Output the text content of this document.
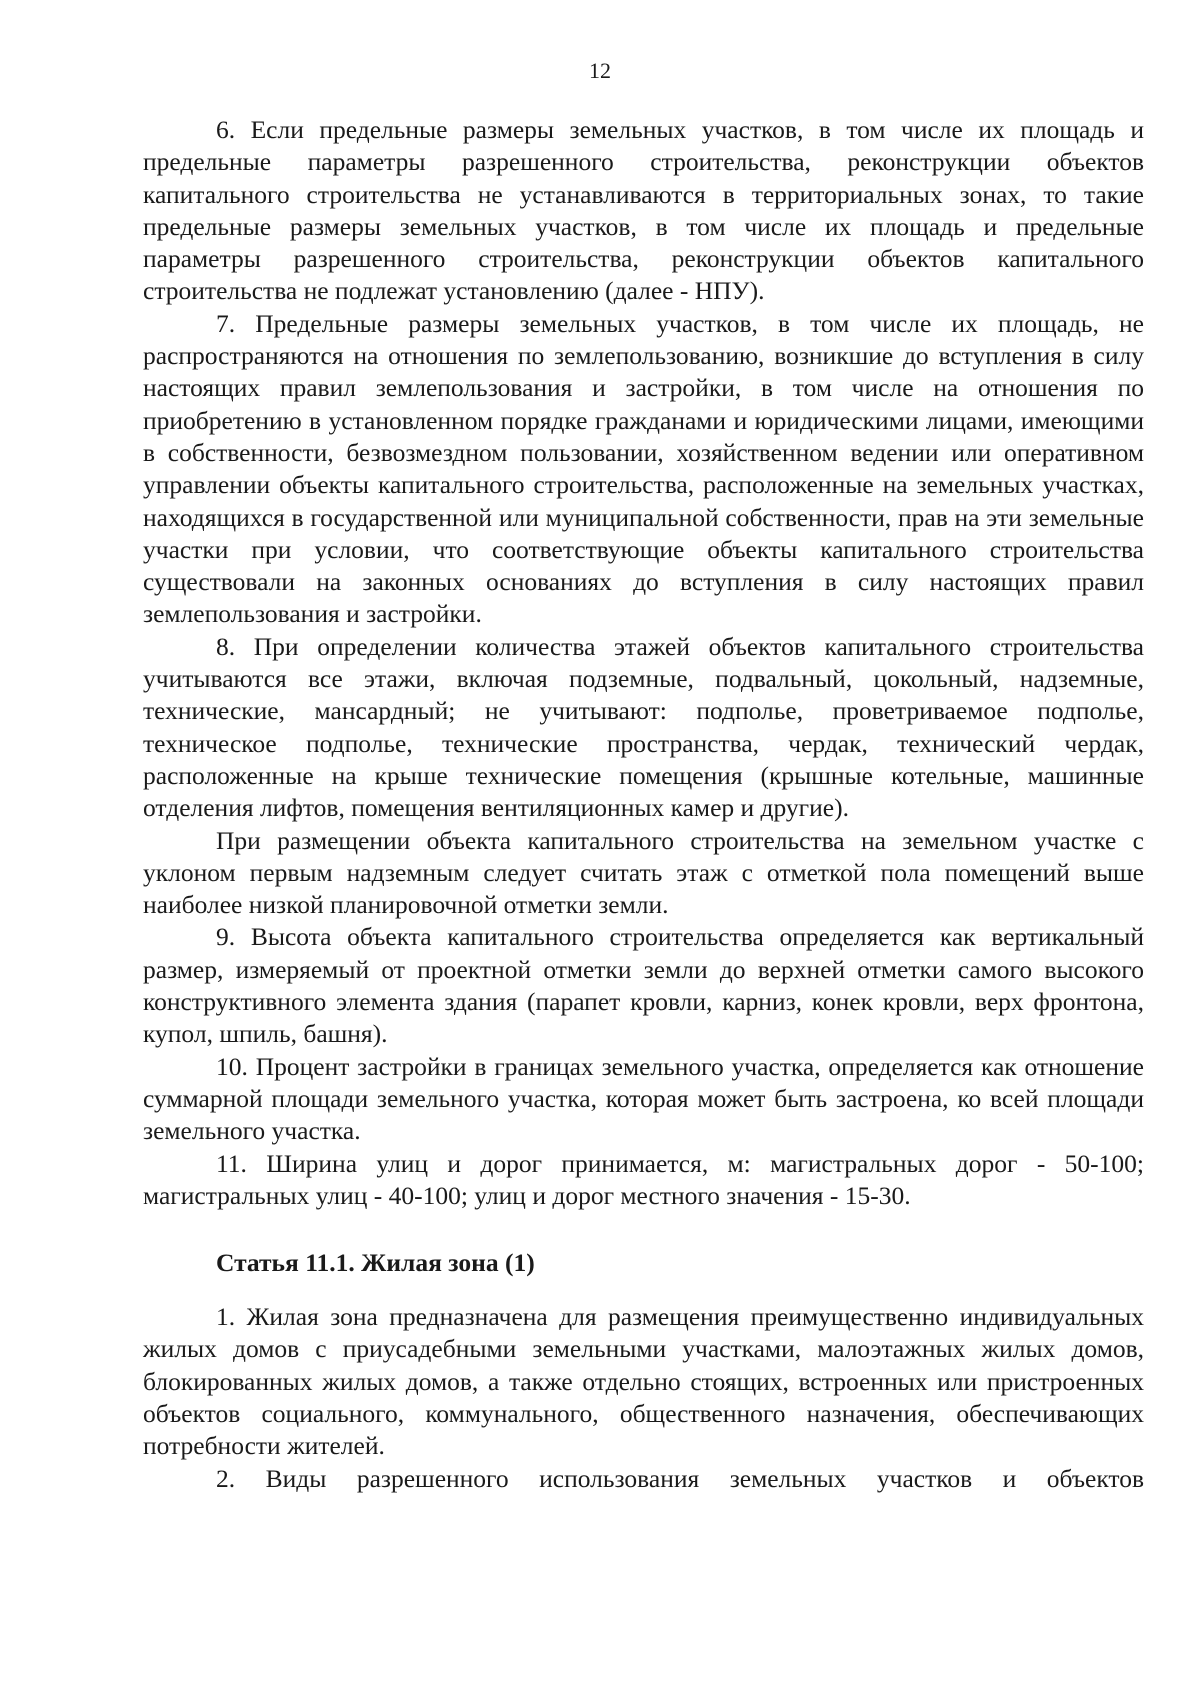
12

6. Если предельные размеры земельных участков, в том числе их площадь и предельные параметры разрешенного строительства, реконструкции объектов капитального строительства не устанавливаются в территориальных зонах, то такие предельные размеры земельных участков, в том числе их площадь и предельные параметры разрешенного строительства, реконструкции объектов капитального строительства не подлежат установлению (далее - НПУ).

7. Предельные размеры земельных участков, в том числе их площадь, не распространяются на отношения по землепользованию, возникшие до вступления в силу настоящих правил землепользования и застройки, в том числе на отношения по приобретению в установленном порядке гражданами и юридическими лицами, имеющими в собственности, безвозмездном пользовании, хозяйственном ведении или оперативном управлении объекты капитального строительства, расположенные на земельных участках, находящихся в государственной или муниципальной собственности, прав на эти земельные участки при условии, что соответствующие объекты капитального строительства существовали на законных основаниях до вступления в силу настоящих правил землепользования и застройки.

8. При определении количества этажей объектов капитального строительства учитываются все этажи, включая подземные, подвальный, цокольный, надземные, технические, мансардный; не учитывают: подполье, проветриваемое подполье, техническое подполье, технические пространства, чердак, технический чердак, расположенные на крыше технические помещения (крышные котельные, машинные отделения лифтов, помещения вентиляционных камер и другие).

При размещении объекта капитального строительства на земельном участке с уклоном первым надземным следует считать этаж с отметкой пола помещений выше наиболее низкой планировочной отметки земли.

9. Высота объекта капитального строительства определяется как вертикальный размер, измеряемый от проектной отметки земли до верхней отметки самого высокого конструктивного элемента здания (парапет кровли, карниз, конек кровли, верх фронтона, купол, шпиль, башня).

10. Процент застройки в границах земельного участка, определяется как отношение суммарной площади земельного участка, которая может быть застроена, ко всей площади земельного участка.

11. Ширина улиц и дорог принимается, м: магистральных дорог - 50-100; магистральных улиц - 40-100; улиц и дорог местного значения - 15-30.

Статья 11.1. Жилая зона (1)

1. Жилая зона предназначена для размещения преимущественно индивидуальных жилых домов с приусадебными земельными участками, малоэтажных жилых домов, блокированных жилых домов, а также отдельно стоящих, встроенных или пристроенных объектов социального, коммунального, общественного назначения, обеспечивающих потребности жителей.

2. Виды разрешенного использования земельных участков и объектов
